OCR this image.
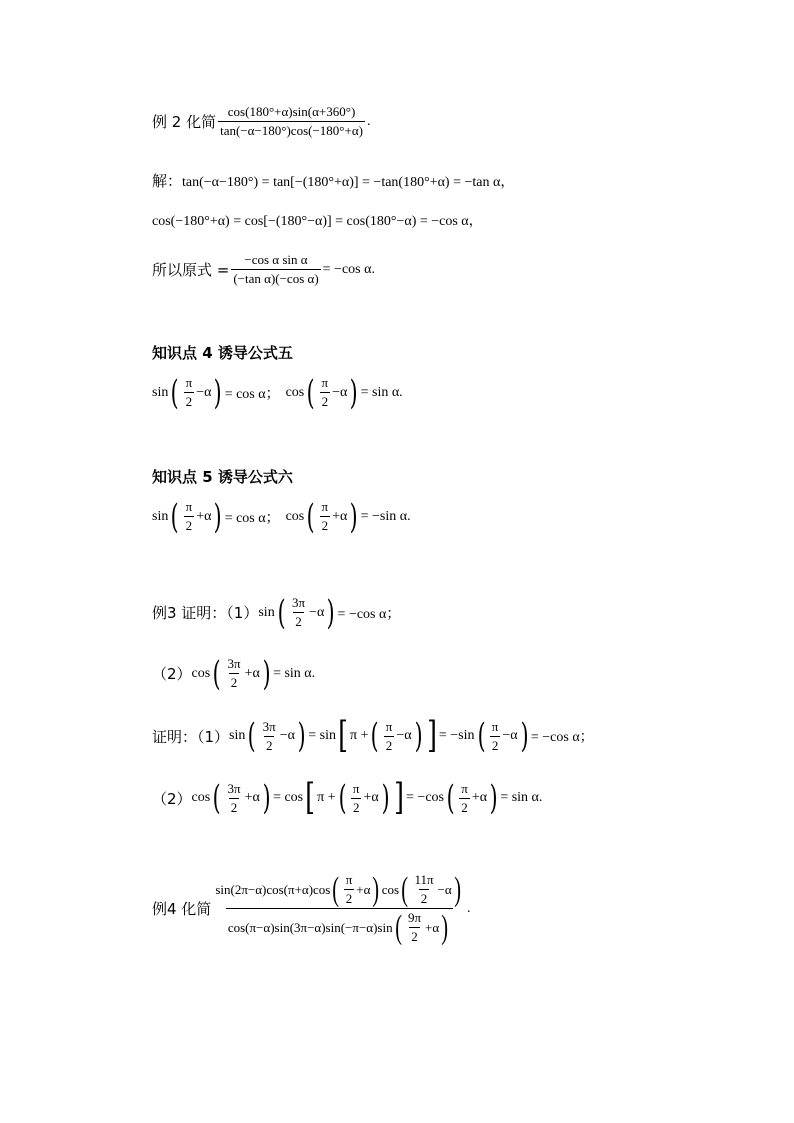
例 2 化简 $\frac{\cos(180^\circ+\alpha)\sin(\alpha+360^\circ)}{\tan(-\alpha-180^\circ)\cos(-180^\circ+\alpha)}$ .
解： tan(−α−180°) = tan[−(180°+α)] = −tan(180°+α) = −tan α，
cos(−180°+α) = cos[−(180°−α)] = cos(180°−α) = −cos α，
所以原式 = $\frac{\text{−cos α sin α}}{\text{(−tan α)(−cos α)}} = -\cos$ α.
知识点 4 诱导公式五
sin ( $\frac{\pi}{2} -\alpha$ ) = cos α； cos ( $\frac{\pi}{2} -\alpha$ ) = sin α.
知识点 5 诱导公式六
sin ( $\frac{\pi}{2} +\alpha$ ) = cos α； cos ( $\frac{\pi}{2} +\alpha$ ) = −sin α.
例3 证明：（1） sin ( $\frac{3\pi}{2} -\alpha$ ) = −cos α；
（2） cos ( $\frac{3\pi}{2} +\alpha$ ) = sin α.
证明：（1） sin ( $\frac{3\pi}{2} -\alpha$ ) = sin [ π + ( $\frac{\pi}{2} -\alpha$ ) ] = −sin ( $\frac{\pi}{2} -\alpha$ ) = −cos α；
（2） cos ( $\frac{3\pi}{2} +\alpha$ ) = cos [ π + ( $\frac{\pi}{2} +\alpha$ ) ] = −cos ( $\frac{\pi}{2} +\alpha$ ) = sin α.
例4 化简
sin(2π−α)cos(π+α)cos ( $\frac{\pi}{2} +\alpha$ ) cos ( $\frac{11\pi}{2} -\alpha$ )
cos(π−α)sin(3π−α)sin(−π−α)sin ( $\frac{9\pi}{2} +\alpha$ )
.
